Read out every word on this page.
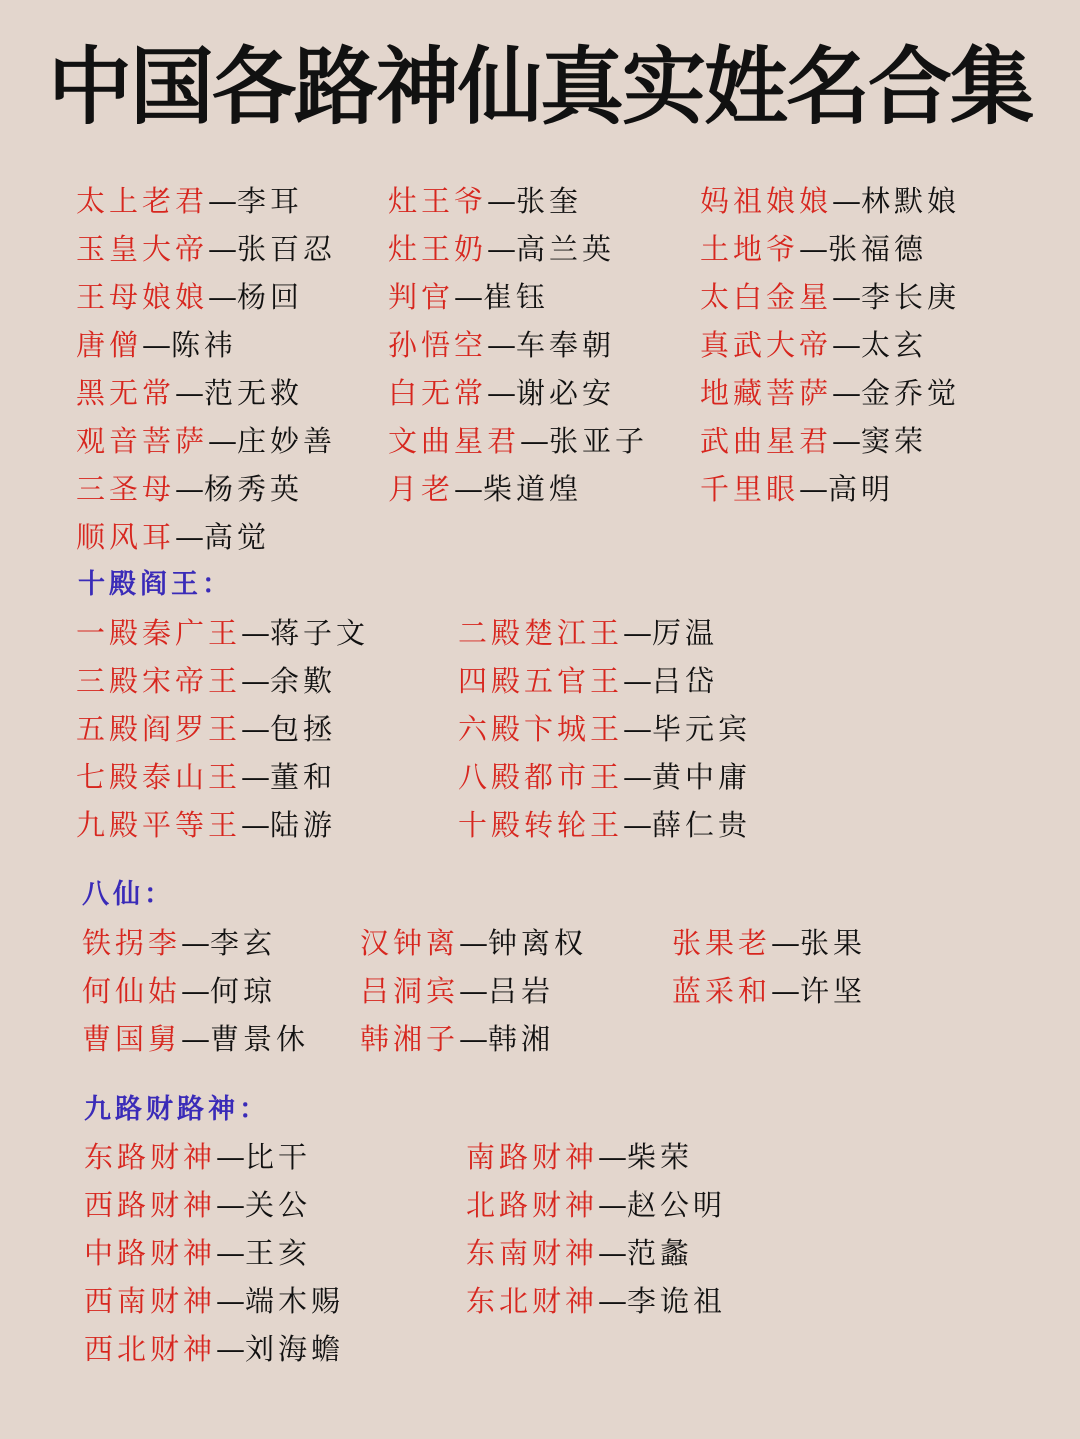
中国各路神仙真实姓名合集
太上老君—李耳	灶王爷—张奎	妈祖娘娘—林默娘
玉皇大帝—张百忍 灶王奶—高兰英	土地爷—张福德
王母娘娘—杨回	判官—崔钰	太白金星—李长庚
唐僧—陈祎	孙悟空—车奉朝	真武大帝—太玄
黑无常—范无救	白无常—谢必安	地藏菩萨—金乔觉
观音菩萨—庄妙善 文曲星君—张亚子 武曲星君—窦荣
三圣母—杨秀英	月老—柴道煌	千里眼—高明
顺风耳—高觉
十殿阎王：
一殿秦广王—蒋子文	二殿楚江王—厉温
三殿宋帝王—余歎	四殿五官王—吕岱
五殿阎罗王—包拯	六殿卞城王—毕元宾
七殿泰山王—董和	八殿都市王—黄中庸
九殿平等王—陆游	十殿转轮王—薛仁贵
八仙：
铁拐李—李玄	汉钟离—钟离权	张果老—张果
何仙姑—何琼	吕洞宾—吕岩	蓝采和—许坚
曹国舅—曹景休 韩湘子—韩湘
九路财路神：
东路财神—比干	南路财神—柴荣
西路财神—关公	北路财神—赵公明
中路财神—王亥	东南财神—范蠡
西南财神—端木赐	东北财神—李诡祖
西北财神—刘海蟾
